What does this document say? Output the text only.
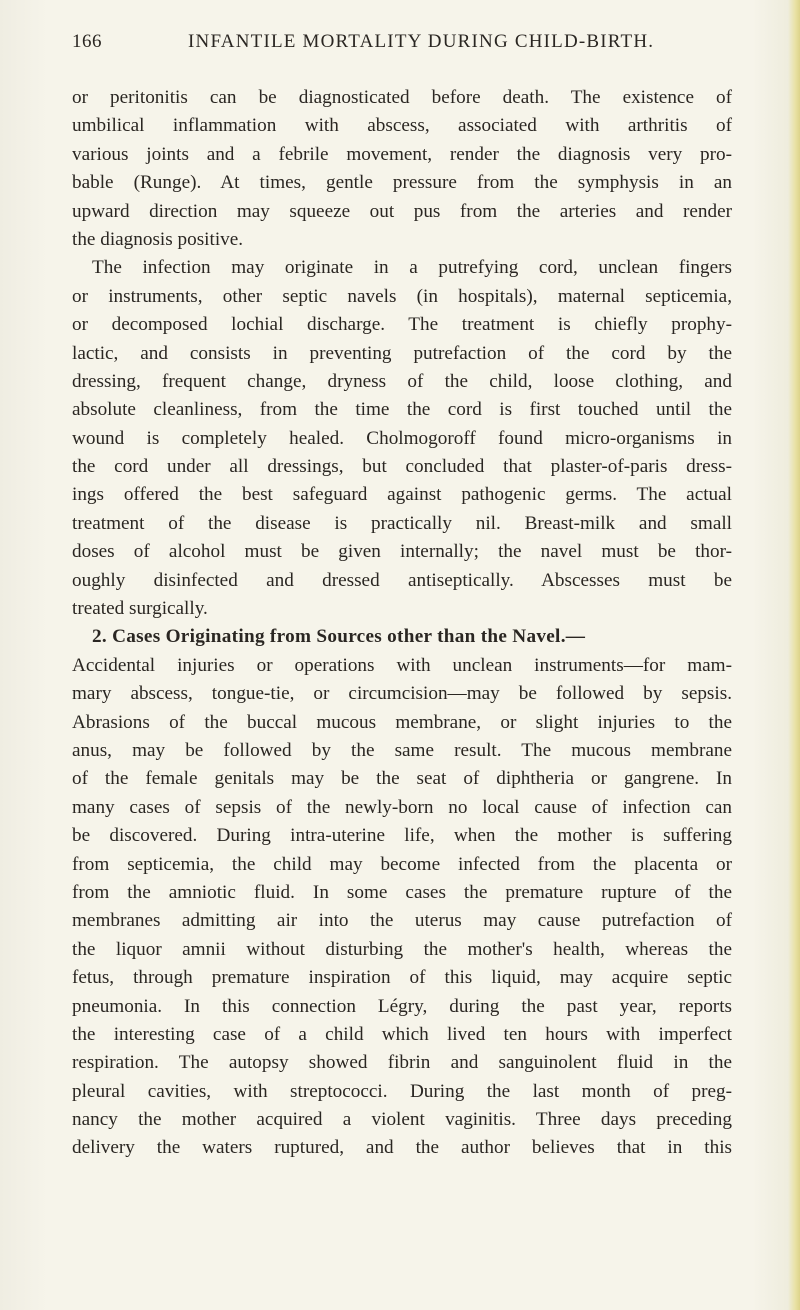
166	INFANTILE MORTALITY DURING CHILD-BIRTH.
or peritonitis can be diagnosticated before death. The existence of
umbilical inflammation with abscess, associated with arthritis of
various joints and a febrile movement, render the diagnosis very pro-
bable (Runge). At times, gentle pressure from the symphysis in an
upward direction may squeeze out pus from the arteries and render
the diagnosis positive.
The infection may originate in a putrefying cord, unclean fingers
or instruments, other septic navels (in hospitals), maternal septicemia,
or decomposed lochial discharge. The treatment is chiefly prophy-
lactic, and consists in preventing putrefaction of the cord by the
dressing, frequent change, dryness of the child, loose clothing, and
absolute cleanliness, from the time the cord is first touched until the
wound is completely healed. Cholmogoroff found micro-organisms in
the cord under all dressings, but concluded that plaster-of-paris dress-
ings offered the best safeguard against pathogenic germs. The actual
treatment of the disease is practically nil. Breast-milk and small
doses of alcohol must be given internally; the navel must be thor-
oughly disinfected and dressed antiseptically. Abscesses must be
treated surgically.
2. Cases Originating from Sources other than the Navel.—
Accidental injuries or operations with unclean instruments—for mam-
mary abscess, tongue-tie, or circumcision—may be followed by sepsis.
Abrasions of the buccal mucous membrane, or slight injuries to the
anus, may be followed by the same result. The mucous membrane
of the female genitals may be the seat of diphtheria or gangrene. In
many cases of sepsis of the newly-born no local cause of infection can
be discovered. During intra-uterine life, when the mother is suffering
from septicemia, the child may become infected from the placenta or
from the amniotic fluid. In some cases the premature rupture of the
membranes admitting air into the uterus may cause putrefaction of
the liquor amnii without disturbing the mother's health, whereas the
fetus, through premature inspiration of this liquid, may acquire septic
pneumonia. In this connection Légry, during the past year, reports
the interesting case of a child which lived ten hours with imperfect
respiration. The autopsy showed fibrin and sanguinolent fluid in the
pleural cavities, with streptococci. During the last month of preg-
nancy the mother acquired a violent vaginitis. Three days preceding
delivery the waters ruptured, and the author believes that in this
